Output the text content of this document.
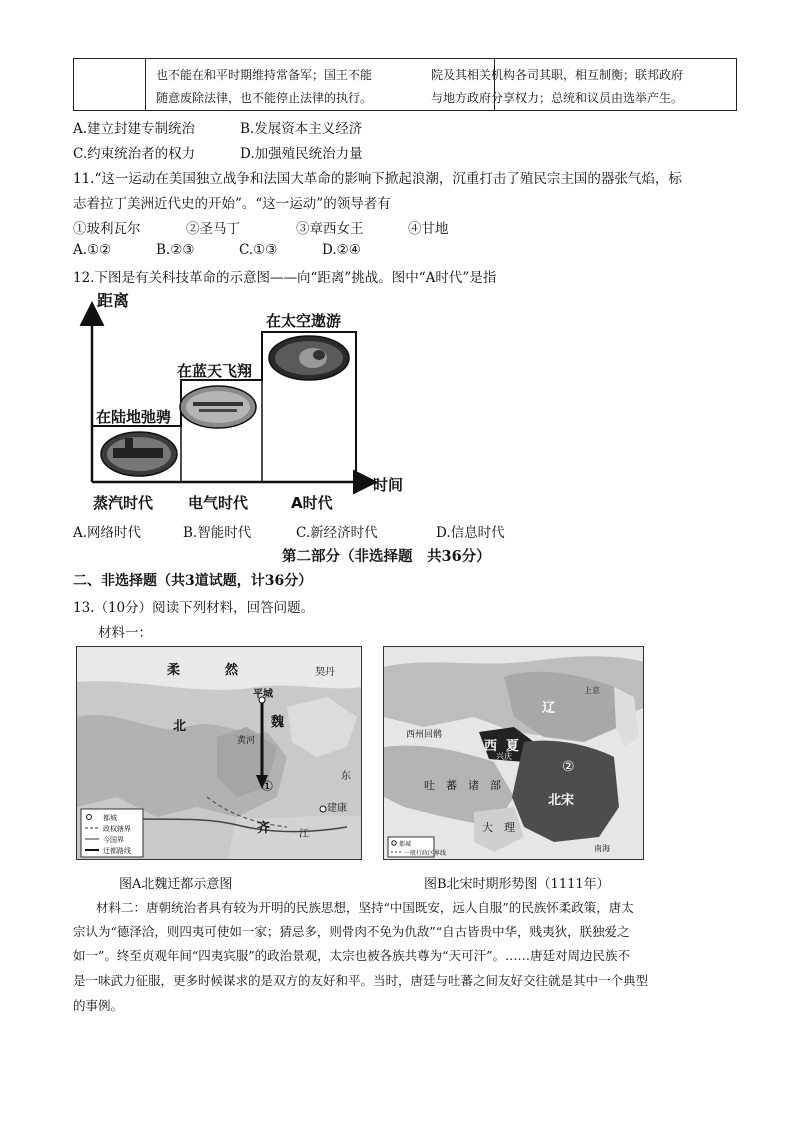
也不能在和平时期维持常备军；国王不能
随意废除法律，也不能停止法律的执行。
院及其相关机构各司其职，相互制衡；联邦政府
与地方政府分享权力；总统和议员由选举产生。
A.建立封建专制统治	B.发展资本主义经济
C.约束统治者的权力	D.加强殖民统治力量
11.“这一运动在美国独立战争和法国大革命的影响下掀起浪潮，沉重打击了殖民宗主国的器张气焰，标
志着拉丁美洲近代史的开始”。“这一运动”的领导者有
①玻利瓦尔	②圣马丁	③章西女王	④甘地
A.①②	B.②③	C.①③	D.②④
12.下图是有关科技革命的示意图——向“距离”挑战。图中“A时代”是指
距离
时间
在陆地弛骋
在蓝天飞翔
在太空遨游
蒸汽时代 电气时代	A时代
A.网络时代	B.智能时代	C.新经济时代	D.信息时代
第二部分（非选择题　共36分）
二、非选择题（共3道试题，计36分）
13.（10分）阅读下列材料，回答问题。
材料一：
柔	然	契丹
北	魏
平城
黄河
①
齐
建康
江
东
都城
政权辖界
今国界
迁都路线
辽
上京
西州回鹘
西 夏
兴庆
②
吐　蕃　诸　部
大　理
北宋
南海
都城
一般行政区界线
图A北魏迁都示意图	图B北宋时期形势图（1111年）
材料二：唐朝统治者具有较为开明的民族思想，坚持“中国既安，远人自服”的民族怀柔政策，唐太
宗认为“德泽洽，则四夷可使如一家；猜忌多，则骨肉不免为仇敌”“自古皆贵中华，贱夷狄，朕独爱之
如一”。终至贞观年间“四夷宾服”的政治景观，太宗也被各族共尊为“天可汗”。……唐廷对周边民族不
是一味武力征服，更多时候谋求的是双方的友好和平。当时，唐廷与吐蕃之间友好交往就是其中一个典型
的事例。
